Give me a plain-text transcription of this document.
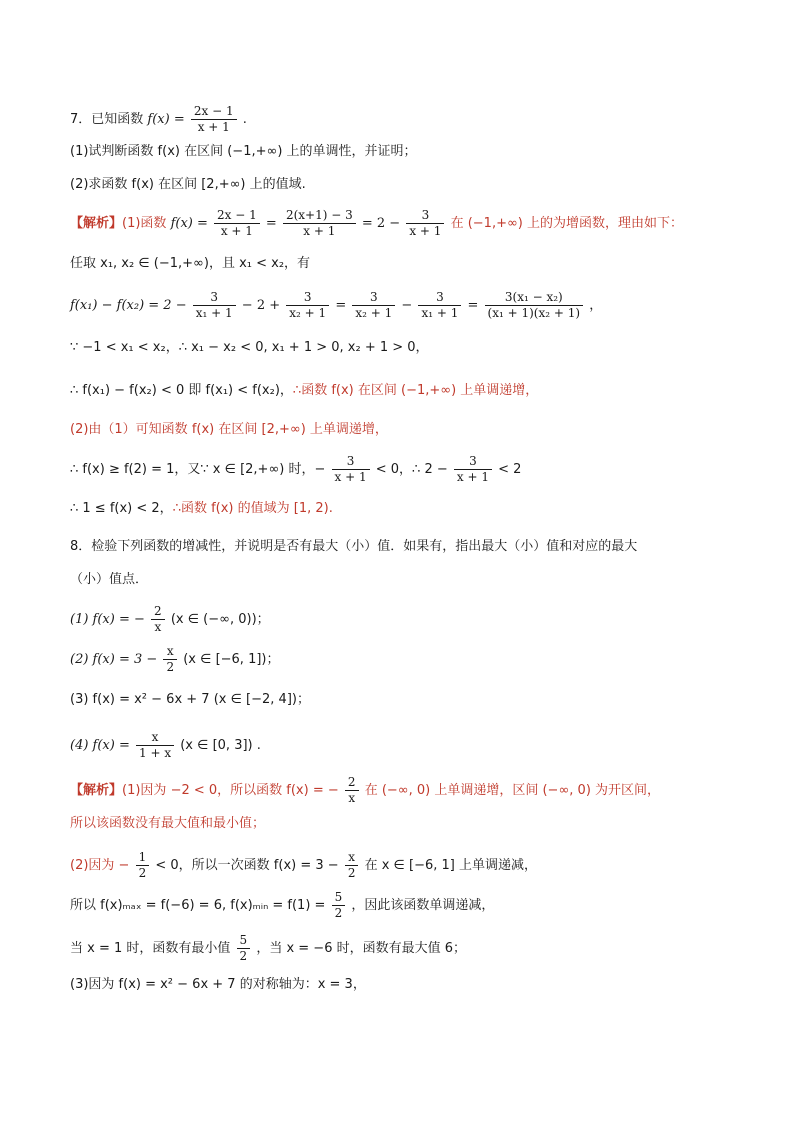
7．已知函数 $f(x) = \frac{2x - 1}{x + 1}$ .
(1)试判断函数 f(x) 在区间 (−1,+∞) 上的单调性，并证明；
(2)求函数 f(x) 在区间 [2,+∞) 上的值域.
【解析】(1)函数 $f(x) = \frac{2x - 1}{x + 1} = \frac{2(x+1) - 3}{x + 1} = 2 - \frac{3}{x + 1}$ 在 (−1,+∞) 上的为增函数，理由如下：
任取 x₁, x₂ ∈ (−1,+∞)，且 x₁ < x₂，有
$f(x_1) - f(x_2) = 2 - \frac{3}{\text{x₁ + 1}} - 2 + \frac{3}{\text{x₂ + 1}} = \frac{3}{\text{x₂ + 1}} - \frac{3}{\text{x₁ + 1}} = \frac{\text{3(x₁ − x₂)}}{\text{(x₁ + 1)(x₂ + 1)}}$ ，
∵ −1 < x₁ < x₂，∴ x₁ − x₂ < 0, x₁ + 1 > 0, x₂ + 1 > 0，
∴ f(x₁) − f(x₂) < 0 即 f(x₁) < f(x₂)，∴函数 f(x) 在区间 (−1,+∞) 上单调递增，
(2)由（1）可知函数 f(x) 在区间 [2,+∞) 上单调递增，
∴ f(x) ≥ f(2) = 1，又∵ x ∈ [2,+∞) 时，− $\frac{3}{x + 1} < 0$，∴ $2 - \frac{3}{x + 1} < 2$
∴ 1 ≤ f(x) < 2，∴函数 f(x) 的值域为 [1, 2).
8．检验下列函数的增减性，并说明是否有最大（小）值．如果有，指出最大（小）值和对应的最大
（小）值点．
(1) f(x) = − $\frac{2}{x} (x$ ∈ (−∞, 0))；
(2) $f(x) = 3 - \frac{x}{2} (x$ ∈ [−6, 1])；
(3) f(x) = x² − 6x + 7 (x ∈ [−2, 4])；
(4) $f(x) = \frac{x}{1 + x} (x$ ∈ [0, 3]) .
【解析】(1)因为 −2 < 0，所以函数 f(x) = − $\frac{2}{x}$ 在 (−∞, 0) 上单调递增，区间 (−∞, 0) 为开区间，
所以该函数没有最大值和最小值；
(2)因为 − $\frac{1}{2} < 0$，所以一次函数 $f(x) = 3 - \frac{x}{2}$ 在 x ∈ [−6, 1] 上单调递减，
所以 f(x)ₘₐₓ = f(−6) = 6, f(x)ₘᵢₙ = $f(1) = \frac{5}{2}$ ，因此该函数单调递减，
当 x = 1 时，函数有最小值 $\frac{5}{2}$ ，当 x = −6 时，函数有最大值 6；
(3)因为 f(x) = x² − 6x + 7 的对称轴为：x = 3，
